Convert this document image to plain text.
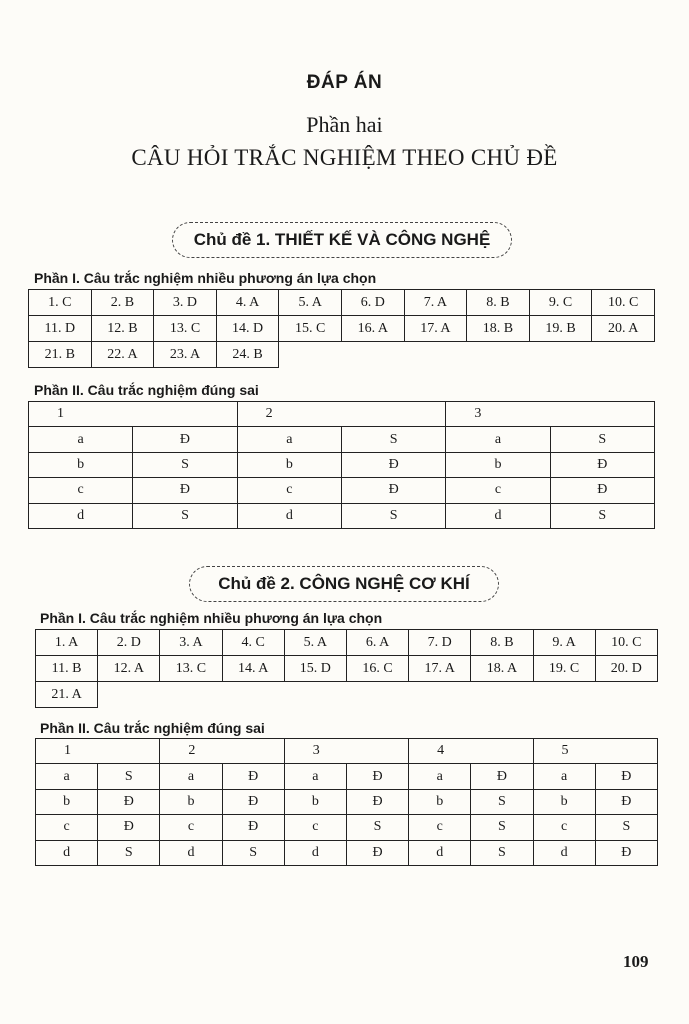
ĐÁP ÁN
Phần hai
CÂU HỎI TRẮC NGHIỆM THEO CHỦ ĐỀ
Chủ đề 1. THIẾT KẾ VÀ CÔNG NGHỆ
Phần I. Câu trắc nghiệm nhiều phương án lựa chọn
1. C	2. B	3. D	4. A	5. A	6. D	7. A	8. B	9. C	10. C
11. D	12. B	13. C	14. D	15. C	16. A	17. A	18. B	19. B	20. A
21. B	22. A	23. A	24. B						
Phần II. Câu trắc nghiệm đúng sai
1		2		3	
a	Đ	a	S	a	S
b	S	b	Đ	b	Đ
c	Đ	c	Đ	c	Đ
d	S	d	S	d	S
Chủ đề 2. CÔNG NGHỆ CƠ KHÍ
Phần I. Câu trắc nghiệm nhiều phương án lựa chọn
1. A	2. D	3. A	4. C	5. A	6. A	7. D	8. B	9. A	10. C
11. B	12. A	13. C	14. A	15. D	16. C	17. A	18. A	19. C	20. D
21. A									
Phần II. Câu trắc nghiệm đúng sai
1		2		3		4		5	
a	S	a	Đ	a	Đ	a	Đ	a	Đ
b	Đ	b	Đ	b	Đ	b	S	b	Đ
c	Đ	c	Đ	c	S	c	S	c	S
d	S	d	S	d	Đ	d	S	d	Đ
109
